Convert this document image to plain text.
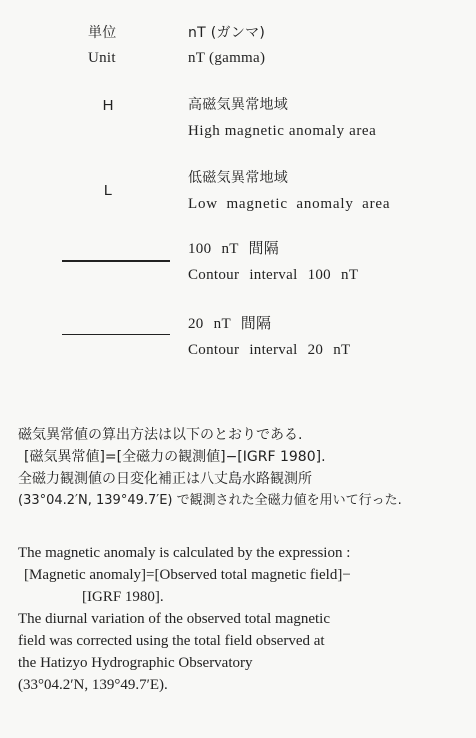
単位
Unit
nT (ガンマ)
nT (gamma)
H	高磁気異常地域
High magnetic anomaly area
L
低磁気異常地域
Low magnetic anomaly area
100 nT 間隔
Contour interval 100 nT
20 nT 間隔
Contour interval 20 nT
磁気異常値の算出方法は以下のとおりである.
[磁気異常値]=[全磁力の観測値]−[IGRF 1980].
全磁力観測値の日変化補正は八丈島水路観測所
(33°04.2′N, 139°49.7′E) で観測された全磁力値を用いて行った.
The magnetic anomaly is calculated by the expression :
[Magnetic anomaly]=[Observed total magnetic field]−
[IGRF 1980].
The diurnal variation of the observed total magnetic
field was corrected using the total field observed at
the Hatizyo Hydrographic Observatory
(33°04.2′N, 139°49.7′E).
